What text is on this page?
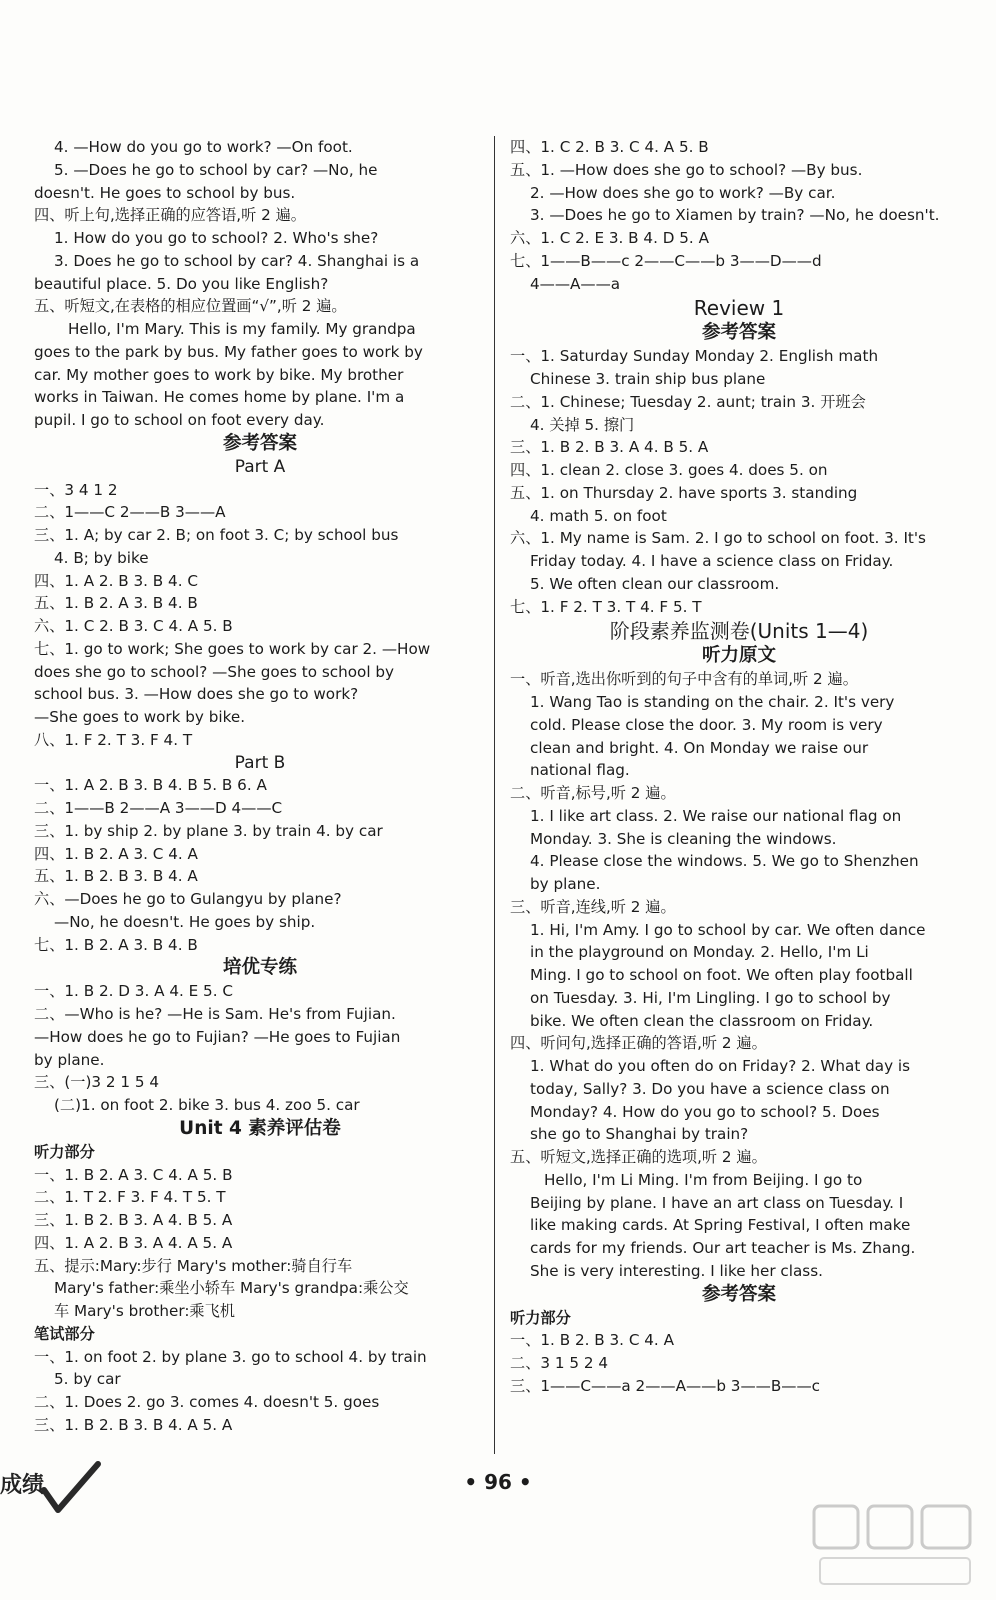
4. —How do you go to work? —On foot.
5. —Does he go to school by car? —No, he
doesn't. He goes to school by bus.
四、听上句,选择正确的应答语,听 2 遍。
1. How do you go to school? 2. Who's she?
3. Does he go to school by car? 4. Shanghai is a
beautiful place. 5. Do you like English?
五、听短文,在表格的相应位置画“√”,听 2 遍。
Hello, I'm Mary. This is my family. My grandpa
goes to the park by bus. My father goes to work by
car. My mother goes to work by bike. My brother
works in Taiwan. He comes home by plane. I'm a
pupil. I go to school on foot every day.
参考答案
Part A
一、3 4 1 2
二、1——C 2——B 3——A
三、1. A; by car 2. B; on foot 3. C; by school bus
4. B; by bike
四、1. A 2. B 3. B 4. C
五、1. B 2. A 3. B 4. B
六、1. C 2. B 3. C 4. A 5. B
七、1. go to work; She goes to work by car 2. —How
does she go to school? —She goes to school by
school bus. 3. —How does she go to work?
—She goes to work by bike.
八、1. F 2. T 3. F 4. T
Part B
一、1. A 2. B 3. B 4. B 5. B 6. A
二、1——B 2——A 3——D 4——C
三、1. by ship 2. by plane 3. by train 4. by car
四、1. B 2. A 3. C 4. A
五、1. B 2. B 3. B 4. A
六、—Does he go to Gulangyu by plane?
—No, he doesn't. He goes by ship.
七、1. B 2. A 3. B 4. B
培优专练
一、1. B 2. D 3. A 4. E 5. C
二、—Who is he? —He is Sam. He's from Fujian.
—How does he go to Fujian? —He goes to Fujian
by plane.
三、(一)3 2 1 5 4
(二)1. on foot 2. bike 3. bus 4. zoo 5. car
Unit 4 素养评估卷
听力部分
一、1. B 2. A 3. C 4. A 5. B
二、1. T 2. F 3. F 4. T 5. T
三、1. B 2. B 3. A 4. B 5. A
四、1. A 2. B 3. A 4. A 5. A
五、提示:Mary:步行 Mary's mother:骑自行车
Mary's father:乘坐小轿车 Mary's grandpa:乘公交
车 Mary's brother:乘飞机
笔试部分
一、1. on foot 2. by plane 3. go to school 4. by train
5. by car
二、1. Does 2. go 3. comes 4. doesn't 5. goes
三、1. B 2. B 3. B 4. A 5. A
四、1. C 2. B 3. C 4. A 5. B
五、1. —How does she go to school? —By bus.
2. —How does she go to work? —By car.
3. —Does he go to Xiamen by train? —No, he doesn't.
六、1. C 2. E 3. B 4. D 5. A
七、1——B——c 2——C——b 3——D——d
4——A——a
Review 1
参考答案
一、1. Saturday Sunday Monday 2. English math
Chinese 3. train ship bus plane
二、1. Chinese; Tuesday 2. aunt; train 3. 开班会
4. 关掉 5. 擦门
三、1. B 2. B 3. A 4. B 5. A
四、1. clean 2. close 3. goes 4. does 5. on
五、1. on Thursday 2. have sports 3. standing
4. math 5. on foot
六、1. My name is Sam. 2. I go to school on foot. 3. It's
Friday today. 4. I have a science class on Friday.
5. We often clean our classroom.
七、1. F 2. T 3. T 4. F 5. T
阶段素养监测卷(Units 1—4)
听力原文
一、听音,选出你听到的句子中含有的单词,听 2 遍。
1. Wang Tao is standing on the chair. 2. It's very
cold. Please close the door. 3. My room is very
clean and bright. 4. On Monday we raise our
national flag.
二、听音,标号,听 2 遍。
1. I like art class. 2. We raise our national flag on
Monday. 3. She is cleaning the windows.
4. Please close the windows. 5. We go to Shenzhen
by plane.
三、听音,连线,听 2 遍。
1. Hi, I'm Amy. I go to school by car. We often dance
in the playground on Monday. 2. Hello, I'm Li
Ming. I go to school on foot. We often play football
on Tuesday. 3. Hi, I'm Lingling. I go to school by
bike. We often clean the classroom on Friday.
四、听问句,选择正确的答语,听 2 遍。
1. What do you often do on Friday? 2. What day is
today, Sally? 3. Do you have a science class on
Monday? 4. How do you go to school? 5. Does
she go to Shanghai by train?
五、听短文,选择正确的选项,听 2 遍。
Hello, I'm Li Ming. I'm from Beijing. I go to
Beijing by plane. I have an art class on Tuesday. I
like making cards. At Spring Festival, I often make
cards for my friends. Our art teacher is Ms. Zhang.
She is very interesting. I like her class.
参考答案
听力部分
一、1. B 2. B 3. C 4. A
二、3 1 5 2 4
三、1——C——a 2——A——b 3——B——c
成绩	• 96 •
